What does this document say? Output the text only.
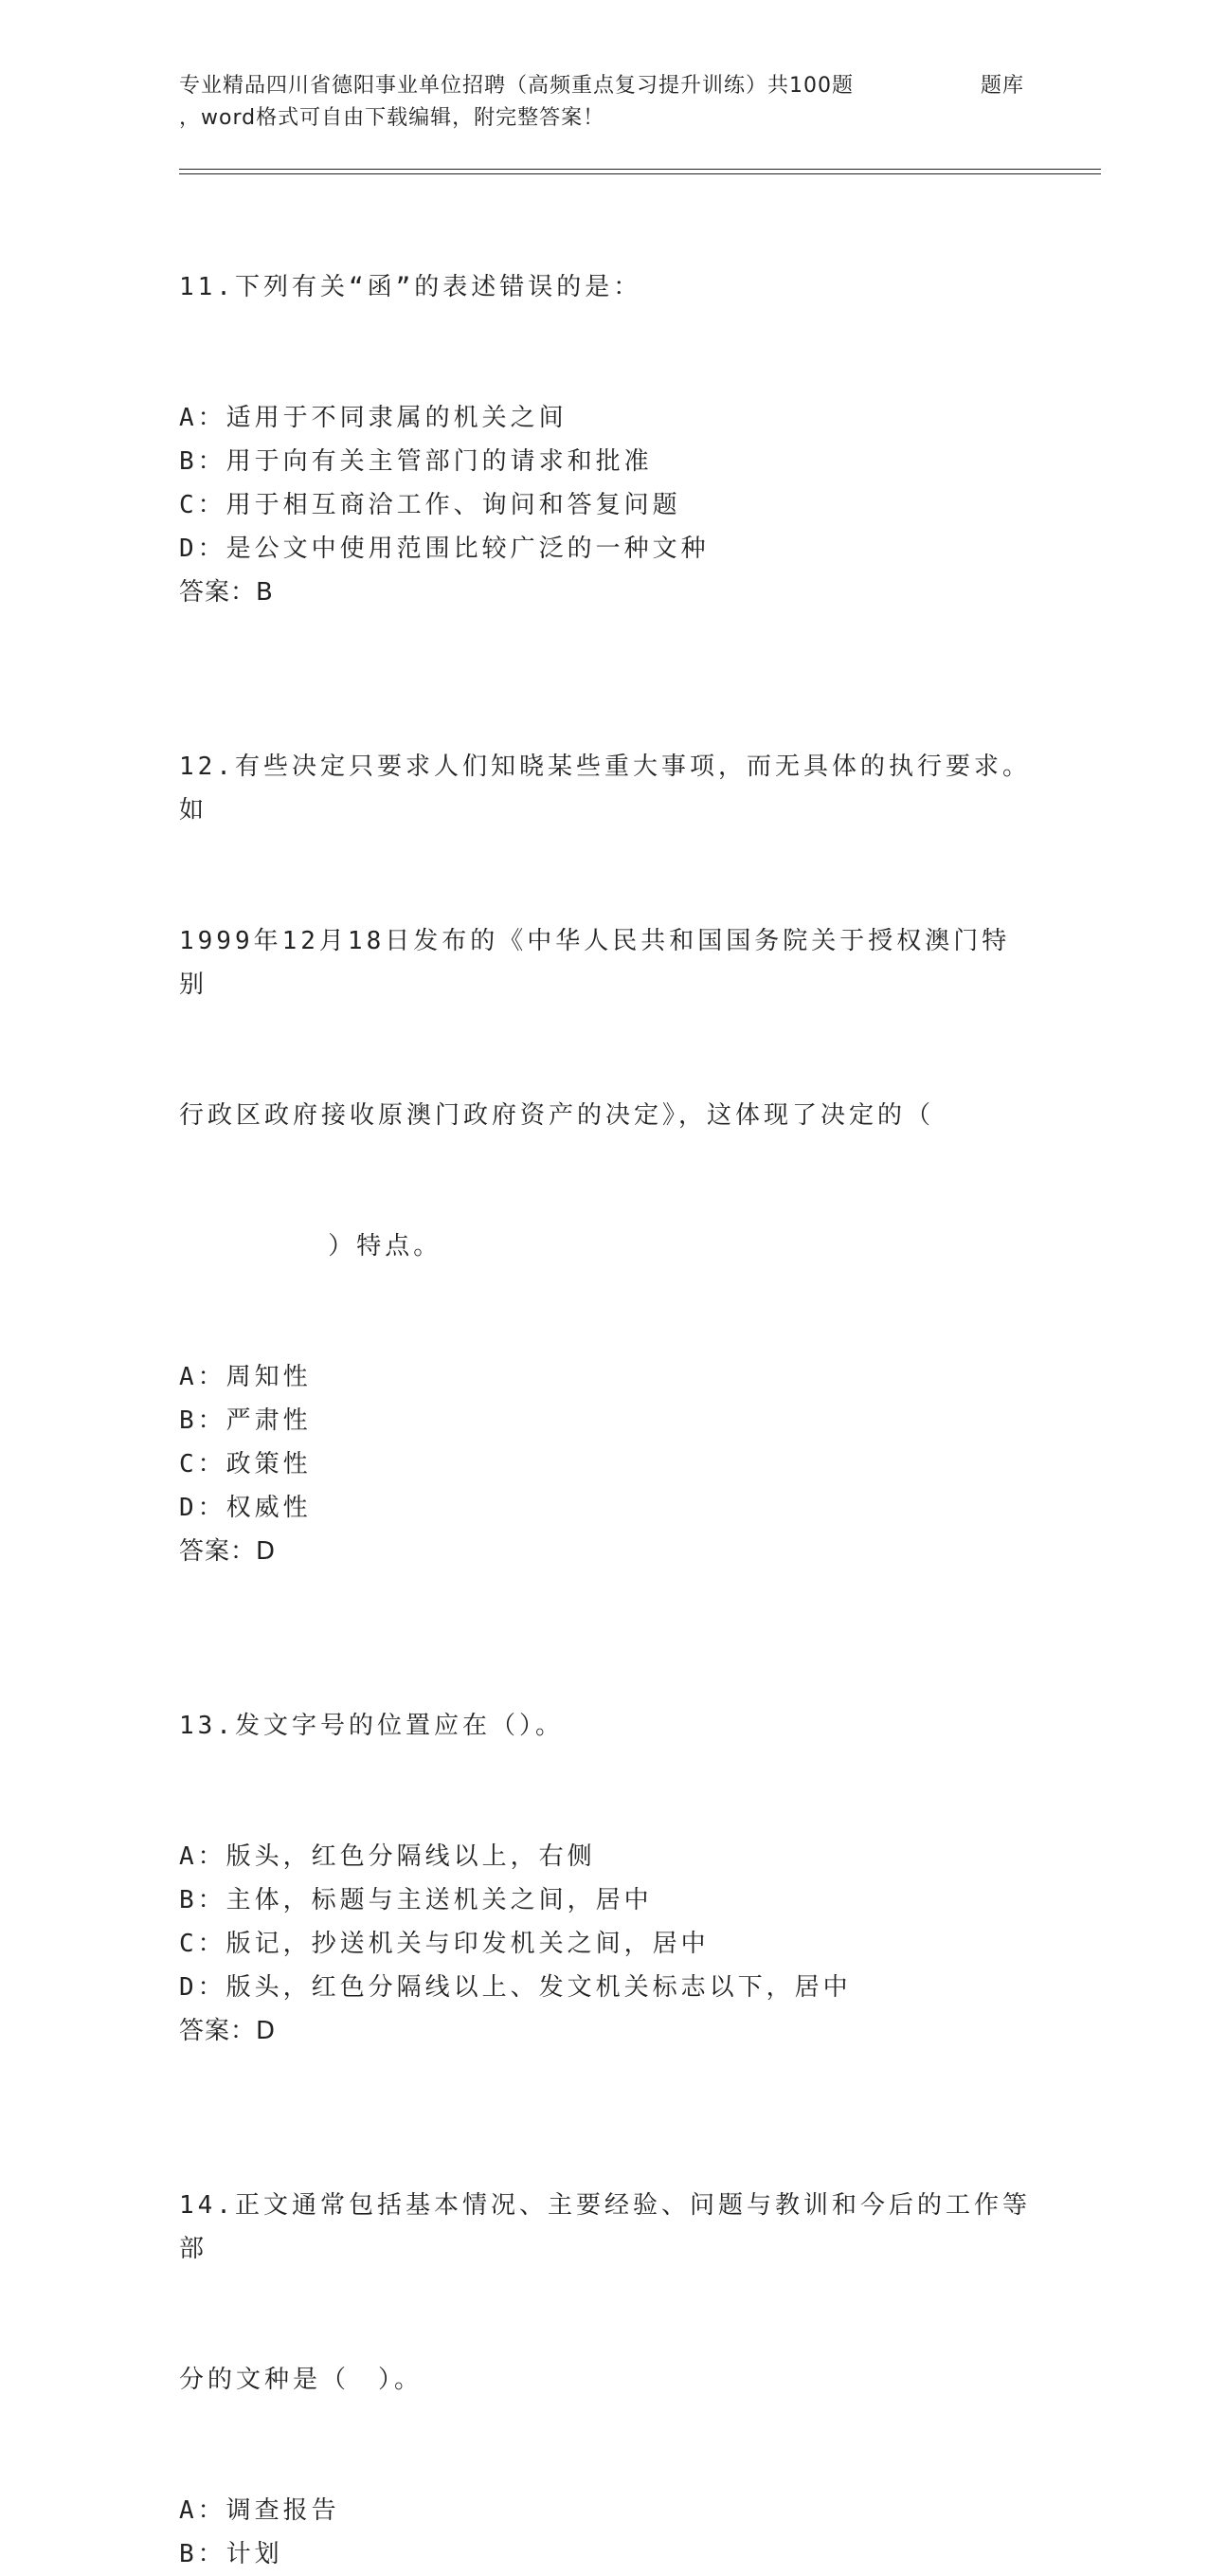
专业精品四川省德阳事业单位招聘（高频重点复习提升训练）共100题	题库
，word格式可自由下载编辑，附完整答案！

11.下列有关“函”的表述错误的是：

A：适用于不同隶属的机关之间
B：用于向有关主管部门的请求和批准
C：用于相互商洽工作、询问和答复问题
D：是公文中使用范围比较广泛的一种文种
答案：B

12.有些决定只要求人们知晓某些重大事项，而无具体的执行要求。如

1999年12月18日发布的《中华人民共和国国务院关于授权澳门特别

行政区政府接收原澳门政府资产的决定》，这体现了决定的（

）特点。

A：周知性
B：严肃性
C：政策性
D：权威性
答案：D

13.发文字号的位置应在（）。

A：版头，红色分隔线以上，右侧
B：主体，标题与主送机关之间，居中
C：版记，抄送机关与印发机关之间，居中
D：版头，红色分隔线以上、发文机关标志以下，居中
答案：D

14.正文通常包括基本情况、主要经验、问题与教训和今后的工作等部

分的文种是（　）。

A：调查报告
B：计划
